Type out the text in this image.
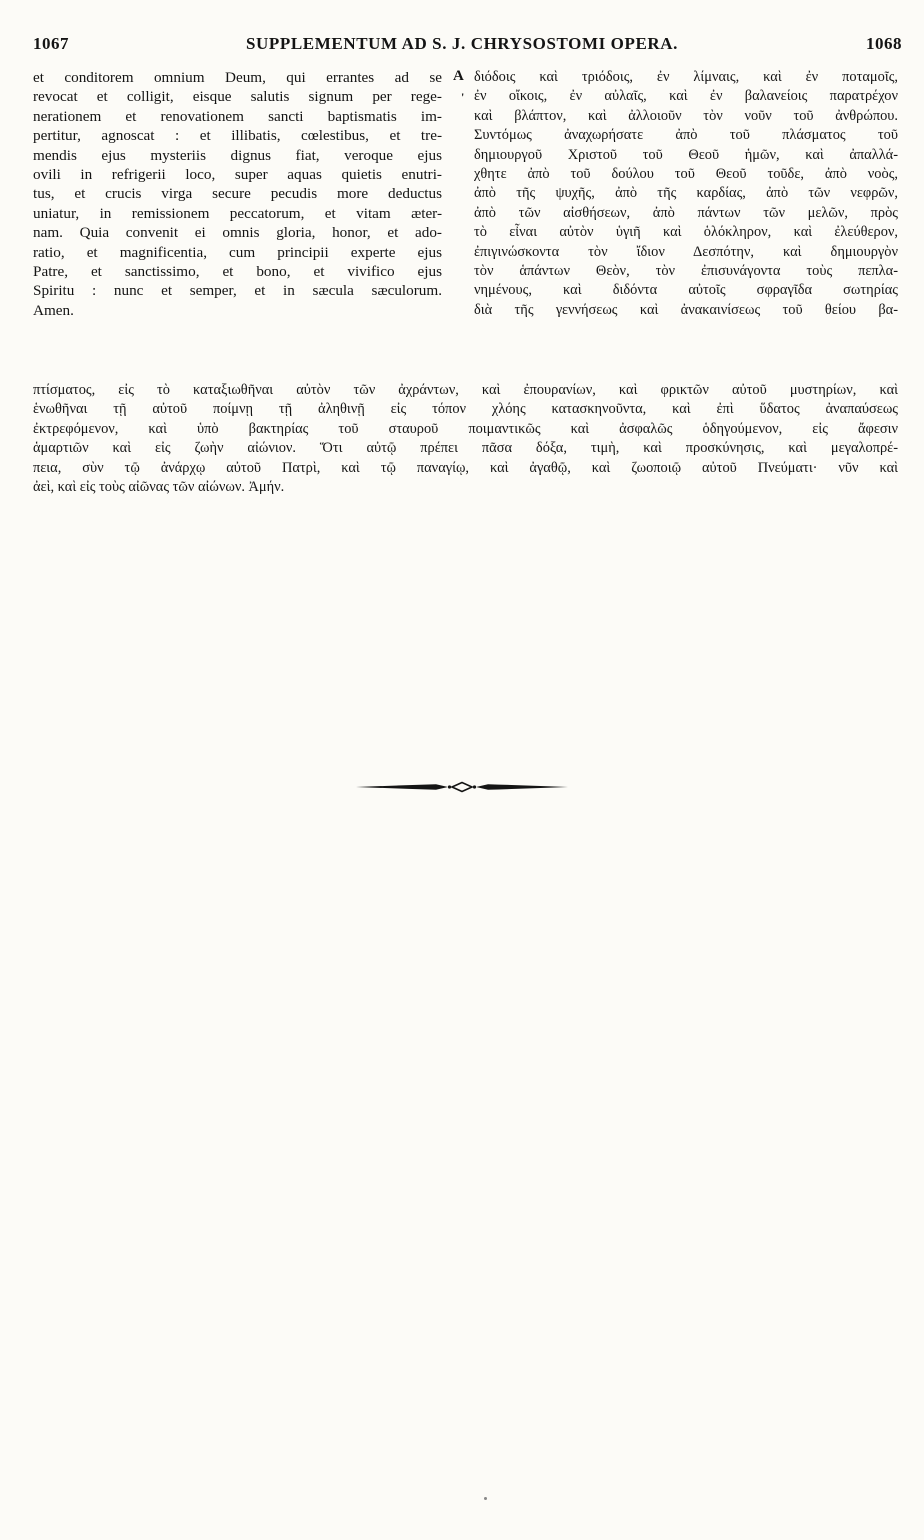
1067	SUPPLEMENTUM AD S. J. CHRYSOSTOMI OPERA.	1068
et conditorem omnium Deum, qui errantes ad se
revocat et colligit, eisque salutis signum per rege-
nerationem et renovationem sancti baptismatis im-
pertitur, agnoscat : et illibatis, cœlestibus, et tre-
mendis ejus mysteriis dignus fiat, veroque ejus
ovili in refrigerii loco, super aquas quietis enutri-
tus, et crucis virga secure pecudis more deductus
uniatur, in remissionem peccatorum, et vitam æter-
nam. Quia convenit ei omnis gloria, honor, et ado-
ratio, et magnificentia, cum principii experte ejus
Patre, et sanctissimo, et bono, et vivifico ejus
Spiritu : nunc et semper, et in sæcula sæculorum.
Amen.
A
'
διόδοις καὶ τριόδοις, ἐν λίμναις, καὶ ἐν ποταμοῖς,
ἐν οἴκοις, ἐν αὐλαῖς, καὶ ἐν βαλανείοις παρατρέχον
καὶ βλάπτον, καὶ ἀλλοιοῦν τὸν νοῦν τοῦ ἀνθρώπου.
Συντόμως ἀναχωρήσατε ἀπὸ τοῦ πλάσματος τοῦ
δημιουργοῦ Χριστοῦ τοῦ Θεοῦ ἡμῶν, καὶ ἀπαλλά-
χθητε ἀπὸ τοῦ δούλου τοῦ Θεοῦ τοῦδε, ἀπὸ νοὸς,
ἀπὸ τῆς ψυχῆς, ἀπὸ τῆς καρδίας, ἀπὸ τῶν νεφρῶν,
ἀπὸ τῶν αἰσθήσεων, ἀπὸ πάντων τῶν μελῶν, πρὸς
τὸ εἶναι αὐτὸν ὑγιῆ καὶ ὁλόκληρον, καὶ ἐλεύθερον,
ἐπιγινώσκοντα τὸν ἴδιον Δεσπότην, καὶ δημιουργὸν
τὸν ἁπάντων Θεὸν, τὸν ἐπισυνάγοντα τοὺς πεπλα-
νημένους, καὶ διδόντα αὐτοῖς σφραγῖδα σωτηρίας
διὰ τῆς γεννήσεως καὶ ἀνακαινίσεως τοῦ θείου βα-
πτίσματος, εἰς τὸ καταξιωθῆναι αὐτὸν τῶν ἀχράντων, καὶ ἐπουρανίων, καὶ φρικτῶν αὐτοῦ μυστηρίων, καὶ
ἑνωθῆναι τῇ αὐτοῦ ποίμνῃ τῇ ἀληθινῇ εἰς τόπον χλόης κατασκηνοῦντα, καὶ ἐπὶ ὕδατος ἀναπαύσεως
ἐκτρεφόμενον, καὶ ὑπὸ βακτηρίας τοῦ σταυροῦ ποιμαντικῶς καὶ ἀσφαλῶς ὁδηγούμενον, εἰς ἄφεσιν
ἁμαρτιῶν καὶ εἰς ζωὴν αἰώνιον. Ὅτι αὐτῷ πρέπει πᾶσα δόξα, τιμὴ, καὶ προσκύνησις, καὶ μεγαλοπρέ-
πεια, σὺν τῷ ἀνάρχῳ αὐτοῦ Πατρὶ, καὶ τῷ παναγίῳ, καὶ ἀγαθῷ, καὶ ζωοποιῷ αὐτοῦ Πνεύματι· νῦν καὶ
ἀεὶ, καὶ εἰς τοὺς αἰῶνας τῶν αἰώνων. Ἀμήν.
